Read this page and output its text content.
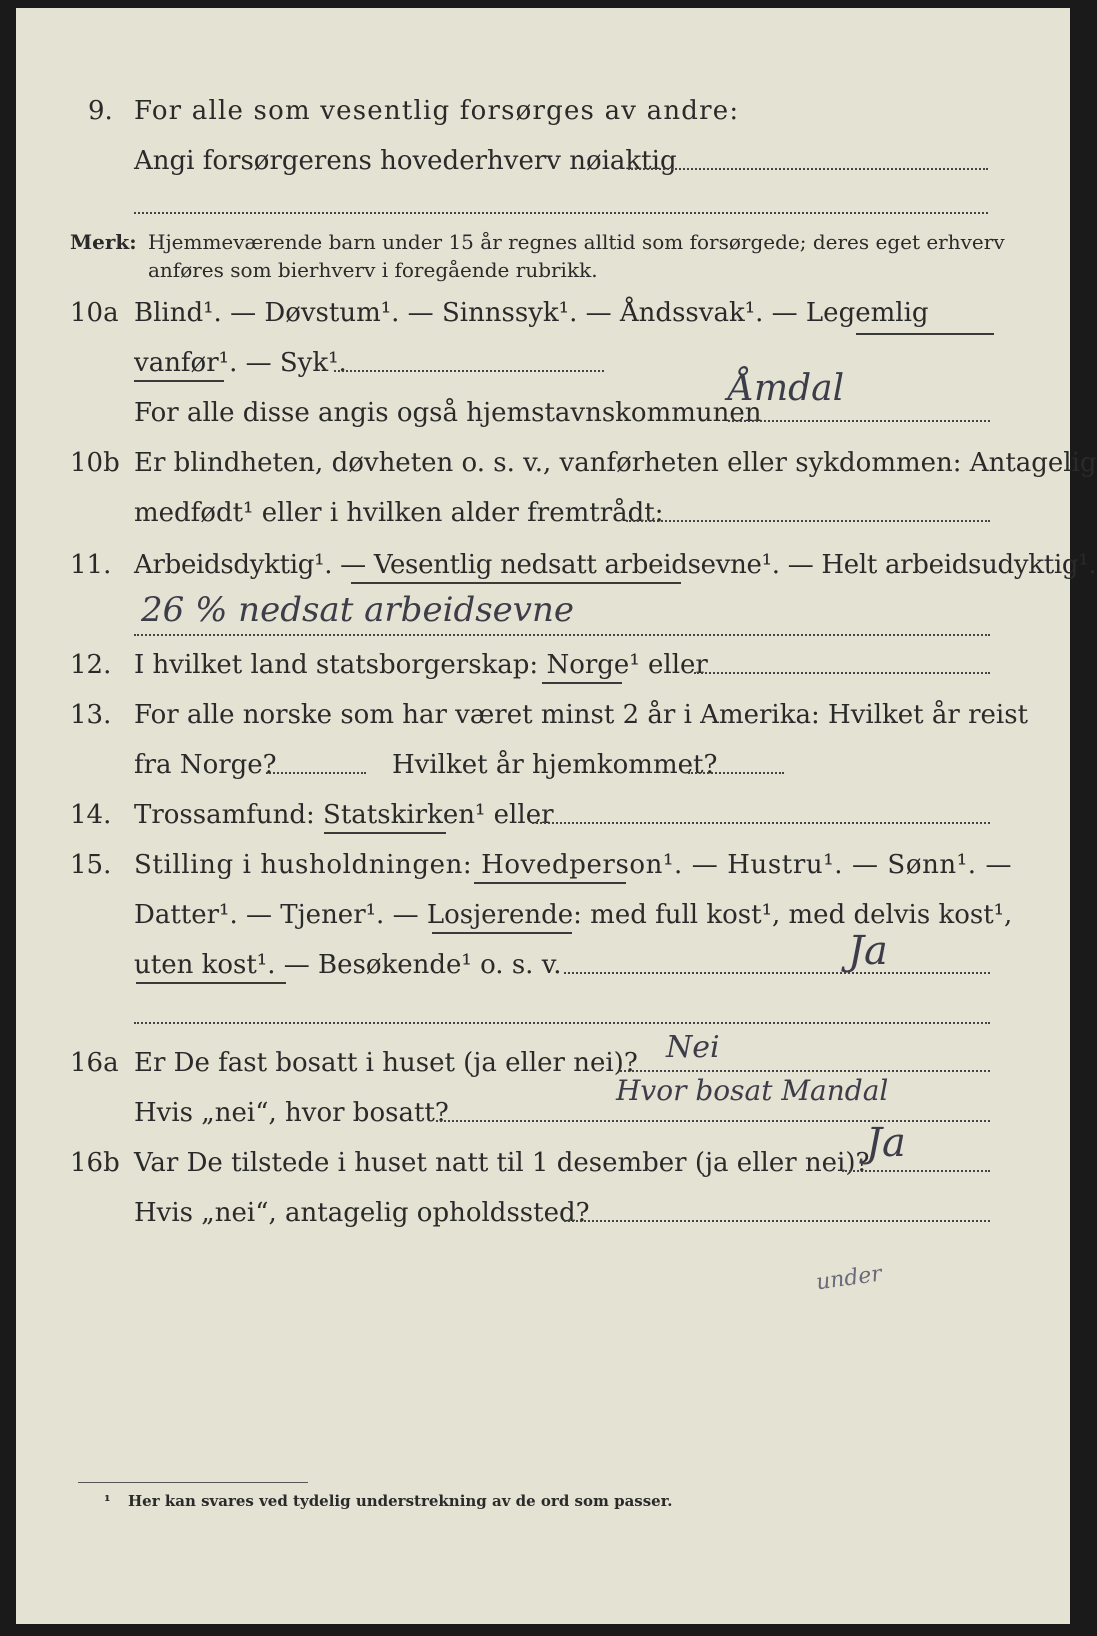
9. For alle som vesentlig forsørges av andre:
Angi forsørgerens hovederhverv nøiaktig
Merk: Hjemmeværende barn under 15 år regnes alltid som forsørgede; deres eget erhverv
anføres som bierhverv i foregående rubrikk.
10a Blind¹. — Døvstum¹. — Sinnssyk¹. — Åndssvak¹. — Legemlig
vanfør¹. — Syk¹.
For alle disse angis også hjemstavnskommunen
Åmdal
10b Er blindheten, døvheten o. s. v., vanførheten eller sykdommen: Antagelig
medfødt¹ eller i hvilken alder fremtrådt:
11. Arbeidsdyktig¹. — Vesentlig nedsatt arbeidsevne¹. — Helt arbeidsudyktig¹.
26 % nedsat arbeidsevne
12. I hvilket land statsborgerskap: Norge¹ eller
13. For alle norske som har været minst 2 år i Amerika: Hvilket år reist
fra Norge?	Hvilket år hjemkommet?
14. Trossamfund: Statskirken¹ eller
15. Stilling i husholdningen: Hovedperson¹. — Hustru¹. — Sønn¹. —
Datter¹. — Tjener¹. — Losjerende: med full kost¹, med delvis kost¹,
uten kost¹. — Besøkende¹ o. s. v.	Ja
16a Er De fast bosatt i huset (ja eller nei)? Nei
Hvis „nei“, hvor bosatt?
Hvor bosat Mandal
16b Var De tilstede i huset natt til 1 desember (ja eller nei)?
Ja
Hvis „nei“, antagelig opholdssted?
under
¹ Her kan svares ved tydelig understrekning av de ord som passer.
